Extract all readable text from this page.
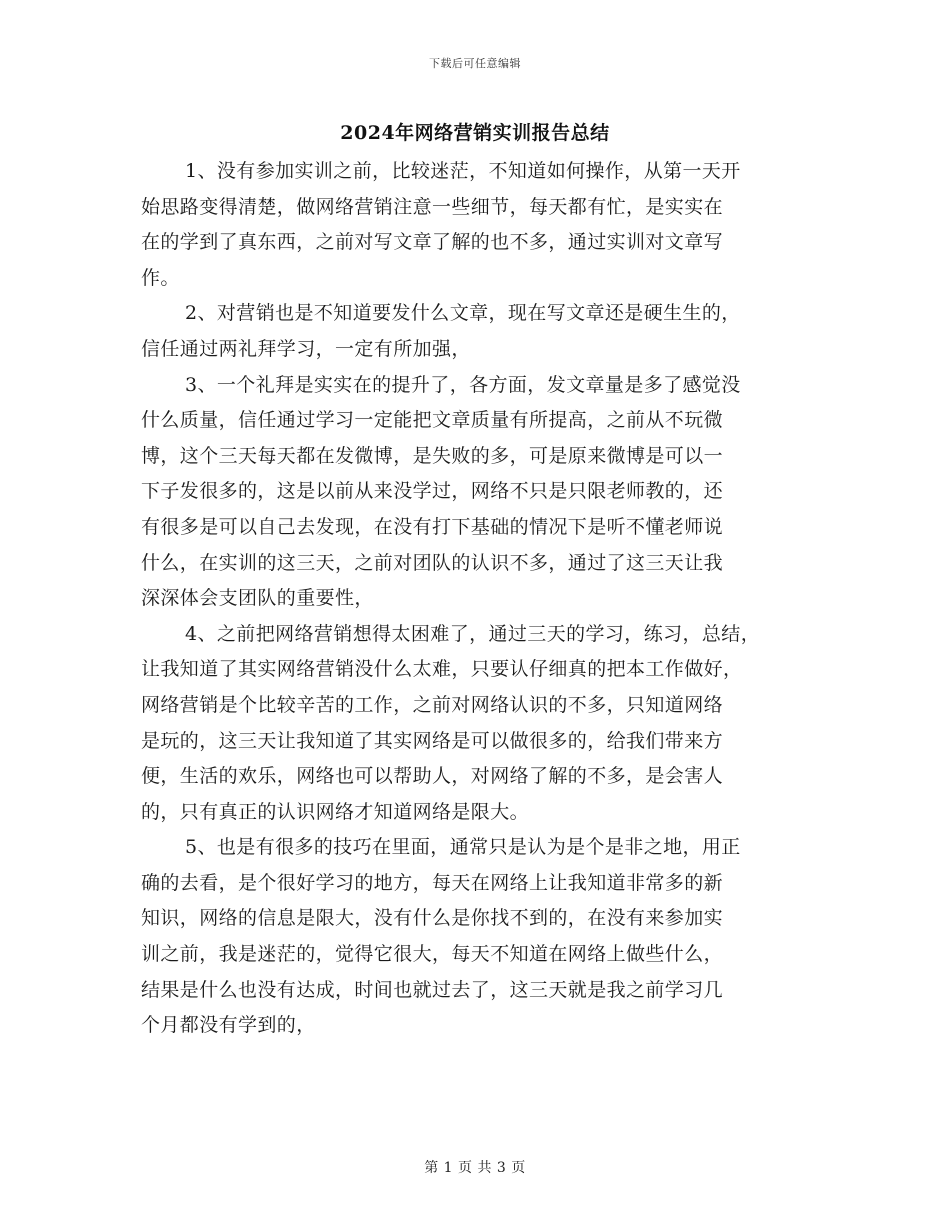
下载后可任意编辑
2024年网络营销实训报告总结
1、没有参加实训之前，比较迷茫，不知道如何操作，从第一天开
始思路变得清楚，做网络营销注意一些细节，每天都有忙，是实实在
在的学到了真东西，之前对写文章了解的也不多，通过实训对文章写
作。
2、对营销也是不知道要发什么文章，现在写文章还是硬生生的，
信任通过两礼拜学习，一定有所加强，
3、一个礼拜是实实在的提升了，各方面，发文章量是多了感觉没
什么质量，信任通过学习一定能把文章质量有所提高，之前从不玩微
博，这个三天每天都在发微博，是失败的多，可是原来微博是可以一
下子发很多的，这是以前从来没学过，网络不只是只限老师教的，还
有很多是可以自己去发现，在没有打下基础的情况下是听不懂老师说
什么，在实训的这三天，之前对团队的认识不多，通过了这三天让我
深深体会支团队的重要性，
4、之前把网络营销想得太困难了，通过三天的学习，练习，总结，
让我知道了其实网络营销没什么太难，只要认仔细真的把本工作做好，
网络营销是个比较辛苦的工作，之前对网络认识的不多，只知道网络
是玩的，这三天让我知道了其实网络是可以做很多的，给我们带来方
便，生活的欢乐，网络也可以帮助人，对网络了解的不多，是会害人
的，只有真正的认识网络才知道网络是限大。
5、也是有很多的技巧在里面，通常只是认为是个是非之地，用正
确的去看，是个很好学习的地方，每天在网络上让我知道非常多的新
知识，网络的信息是限大，没有什么是你找不到的，在没有来参加实
训之前，我是迷茫的，觉得它很大，每天不知道在网络上做些什么，
结果是什么也没有达成，时间也就过去了，这三天就是我之前学习几
个月都没有学到的，
第 1 页 共 3 页
